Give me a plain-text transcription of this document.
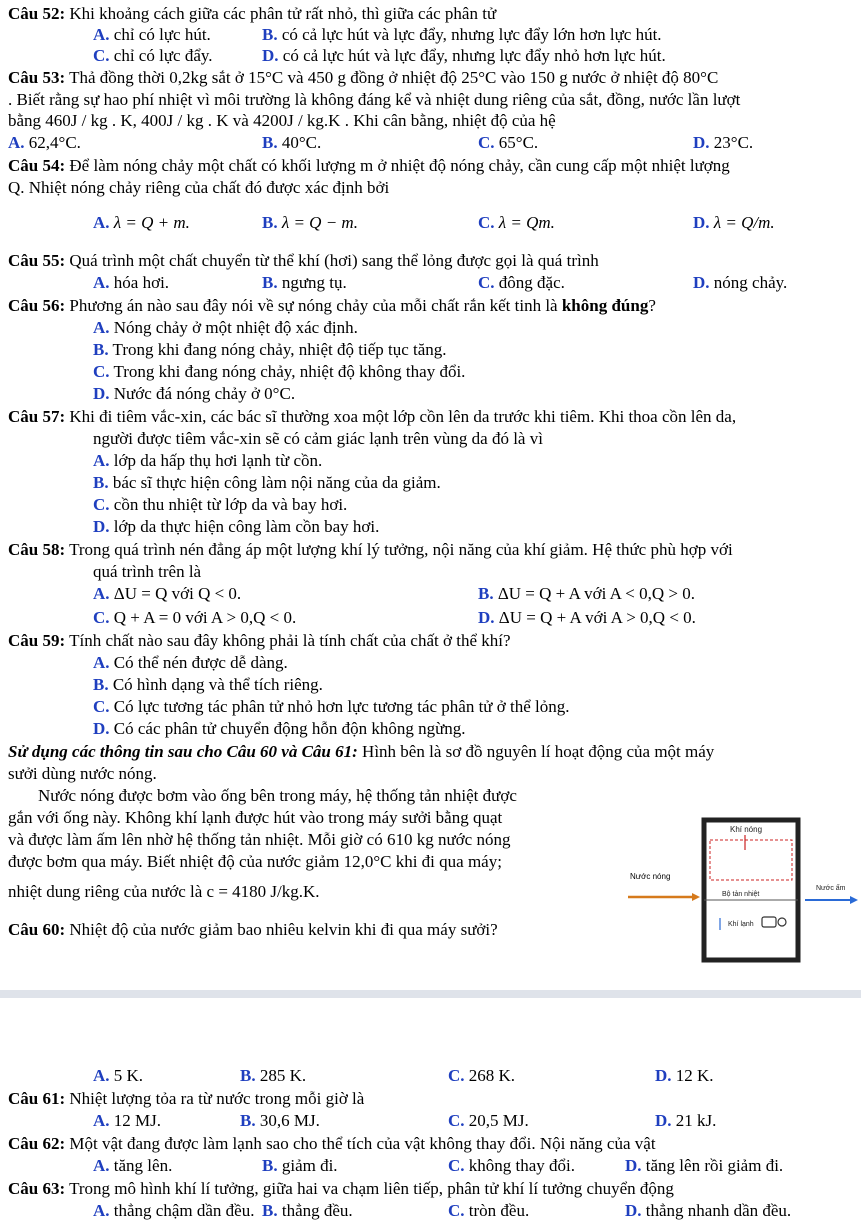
Câu 52: Khi khoảng cách giữa các phân tử rất nhỏ, thì giữa các phân tử
A. chỉ có lực hút.	B. có cả lực hút và lực đẩy, nhưng lực đẩy lớn hơn lực hút.
C. chỉ có lực đẩy.	D. có cả lực hút và lực đẩy, nhưng lực đẩy nhỏ hơn lực hút.
Câu 53: Thả đồng thời 0,2kg sắt ở 15°C và 450 g đồng ở nhiệt độ 25°C vào 150 g nước ở nhiệt độ 80°C
. Biết rằng sự hao phí nhiệt vì môi trường là không đáng kể và nhiệt dung riêng của sắt, đồng, nước lần lượt
bằng 460J / kg . K, 400J / kg . K và 4200J / kg.K . Khi cân bằng, nhiệt độ của hệ
A. 62,4°C.	B. 40°C.	C. 65°C.	D. 23°C.
Câu 54: Để làm nóng chảy một chất có khối lượng m ở nhiệt độ nóng chảy, cần cung cấp một nhiệt lượng
Q. Nhiệt nóng chảy riêng của chất đó được xác định bởi
A. λ = Q + m.	B. λ = Q − m.	C. λ = Qm.	D. λ = Q/m.
Câu 55: Quá trình một chất chuyển từ thể khí (hơi) sang thể lỏng được gọi là quá trình
A. hóa hơi.	B. ngưng tụ.	C. đông đặc.	D. nóng chảy.
Câu 56: Phương án nào sau đây nói về sự nóng chảy của mỗi chất rắn kết tinh là không đúng?
A. Nóng chảy ở một nhiệt độ xác định.
B. Trong khi đang nóng chảy, nhiệt độ tiếp tục tăng.
C. Trong khi đang nóng chảy, nhiệt độ không thay đổi.
D. Nước đá nóng chảy ở 0°C.
Câu 57: Khi đi tiêm vắc-xin, các bác sĩ thường xoa một lớp cồn lên da trước khi tiêm. Khi thoa cồn lên da,
người được tiêm vắc-xin sẽ có cảm giác lạnh trên vùng da đó là vì
A. lớp da hấp thụ hơi lạnh từ cồn.
B. bác sĩ thực hiện công làm nội năng của da giảm.
C. cồn thu nhiệt từ lớp da và bay hơi.
D. lớp da thực hiện công làm cồn bay hơi.
Câu 58: Trong quá trình nén đẳng áp một lượng khí lý tưởng, nội năng của khí giảm. Hệ thức phù hợp với
quá trình trên là
A. ΔU = Q với Q < 0.	B. ΔU = Q + A với A < 0,Q > 0.
C. Q + A = 0 với A > 0,Q < 0.	D. ΔU = Q + A với A > 0,Q < 0.
Câu 59: Tính chất nào sau đây không phải là tính chất của chất ở thể khí?
A. Có thể nén được dễ dàng.
B. Có hình dạng và thể tích riêng.
C. Có lực tương tác phân tử nhỏ hơn lực tương tác phân tử ở thể lỏng.
D. Có các phân tử chuyển động hỗn độn không ngừng.
Sử dụng các thông tin sau cho Câu 60 và Câu 61: Hình bên là sơ đồ nguyên lí hoạt động của một máy
sưởi dùng nước nóng.
Nước nóng được bơm vào ống bên trong máy, hệ thống tản nhiệt được
gắn với ống này. Không khí lạnh được hút vào trong máy sưởi bằng quạt
và được làm ấm lên nhờ hệ thống tản nhiệt. Mỗi giờ có 610 kg nước nóng
được bơm qua máy. Biết nhiệt độ của nước giảm 12,0°C khi đi qua máy;
nhiệt dung riêng của nước là c = 4180 J/kg.K.
Khí nóng
Bộ tản nhiệt
Nước ấm
Khí lạnh
Nước nóng
Câu 60: Nhiệt độ của nước giảm bao nhiêu kelvin khi đi qua máy sưởi?
A. 5 K.	B. 285 K.	C. 268 K.	D. 12 K.
Câu 61: Nhiệt lượng tỏa ra từ nước trong mỗi giờ là
A. 12 MJ.	B. 30,6 MJ.	C. 20,5 MJ.	D. 21 kJ.
Câu 62: Một vật đang được làm lạnh sao cho thể tích của vật không thay đổi. Nội năng của vật
A. tăng lên.	B. giảm đi.	C. không thay đổi.	D. tăng lên rồi giảm đi.
Câu 63: Trong mô hình khí lí tưởng, giữa hai va chạm liên tiếp, phân tử khí lí tưởng chuyển động
A. thẳng chậm dần đều. B. thẳng đều.	C. tròn đều.	D. thẳng nhanh dần đều.
